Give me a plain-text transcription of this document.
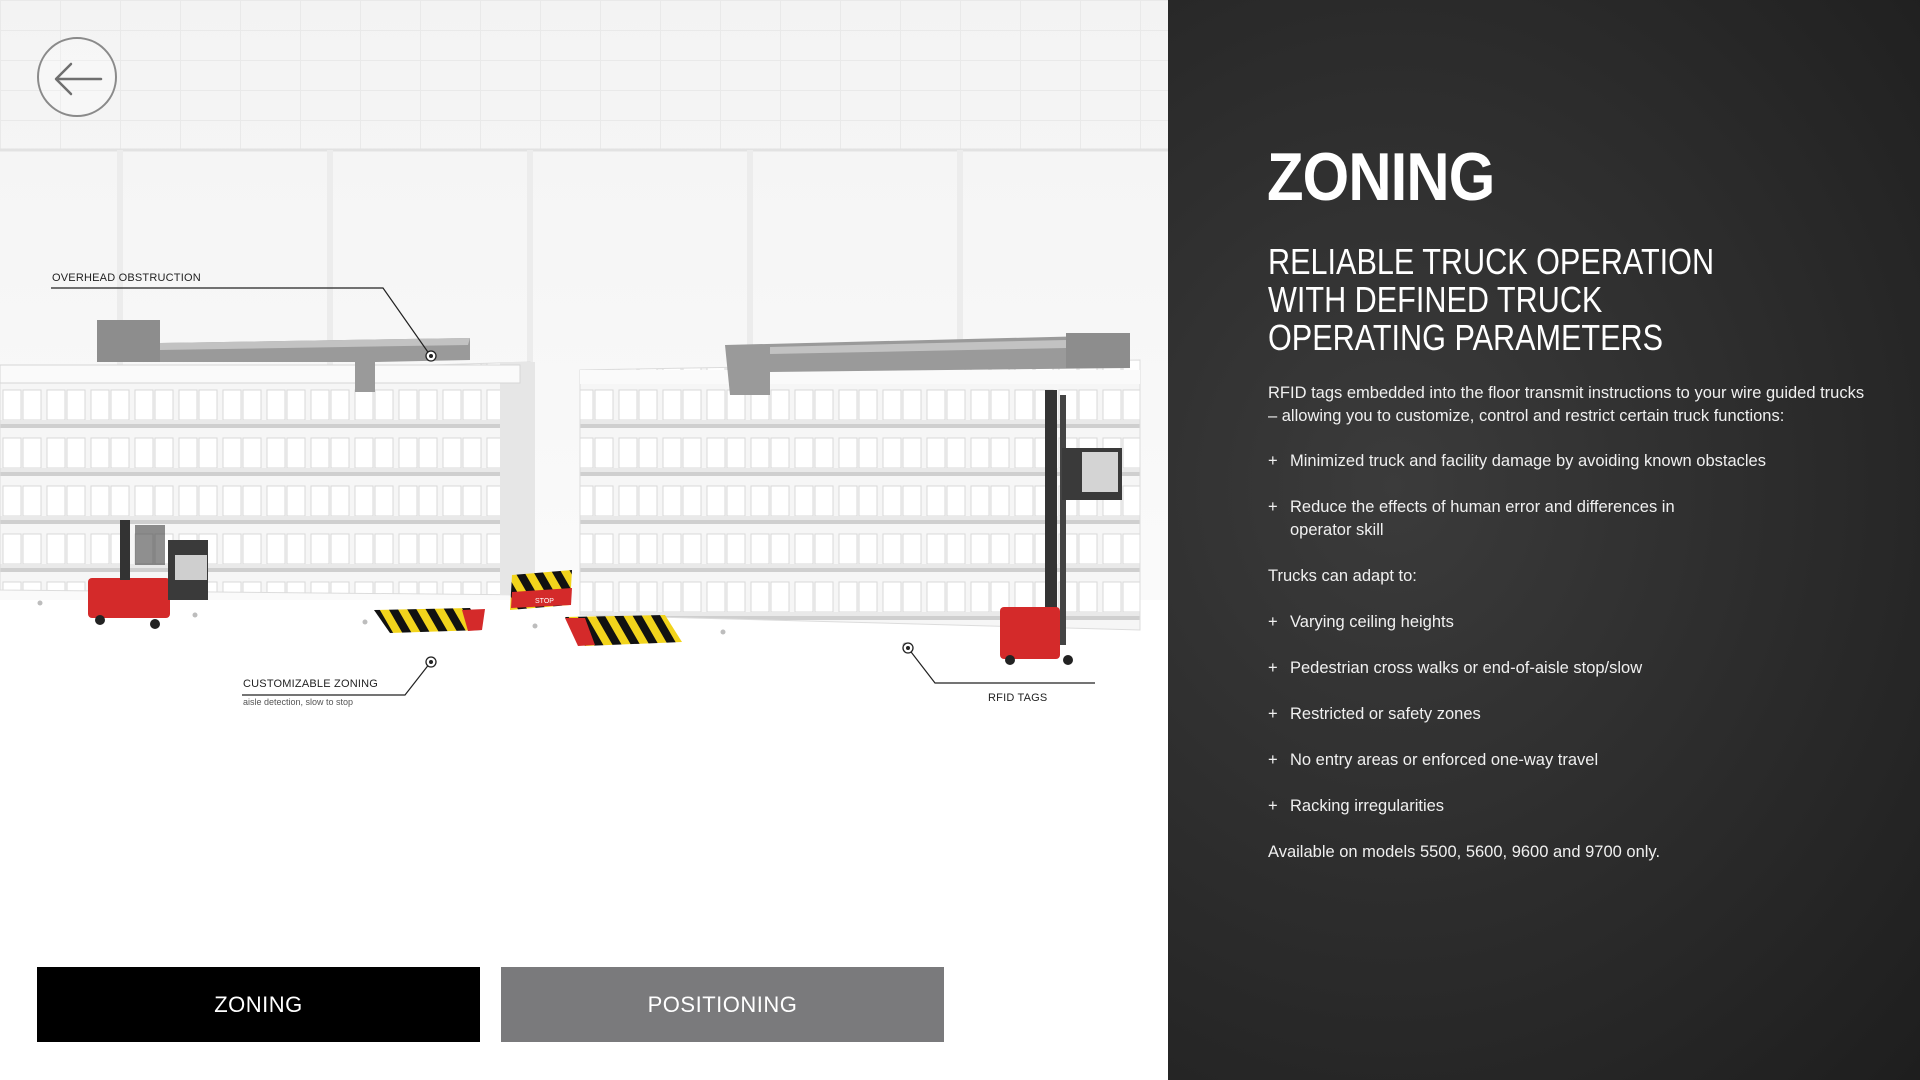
STOP
OVERHEAD OBSTRUCTION
CUSTOMIZABLE ZONING
aisle detection, slow to stop	RFID TAGS
ZONING	POSITIONING
ZONING
RELIABLE TRUCK OPERATION
WITH DEFINED TRUCK
OPERATING PARAMETERS

RFID tags embedded into the floor transmit instructions to your wire guided trucks – allowing you to customize, control and restrict certain truck functions:

+ Minimized truck and facility damage by avoiding known obstacles
+ Reduce the effects of human error and differences in operator skill

Trucks can adapt to:

+ Varying ceiling heights
+ Pedestrian cross walks or end-of-aisle stop/slow
+ Restricted or safety zones
+ No entry areas or enforced one-way travel
+ Racking irregularities

Available on models 5500, 5600, 9600 and 9700 only.
